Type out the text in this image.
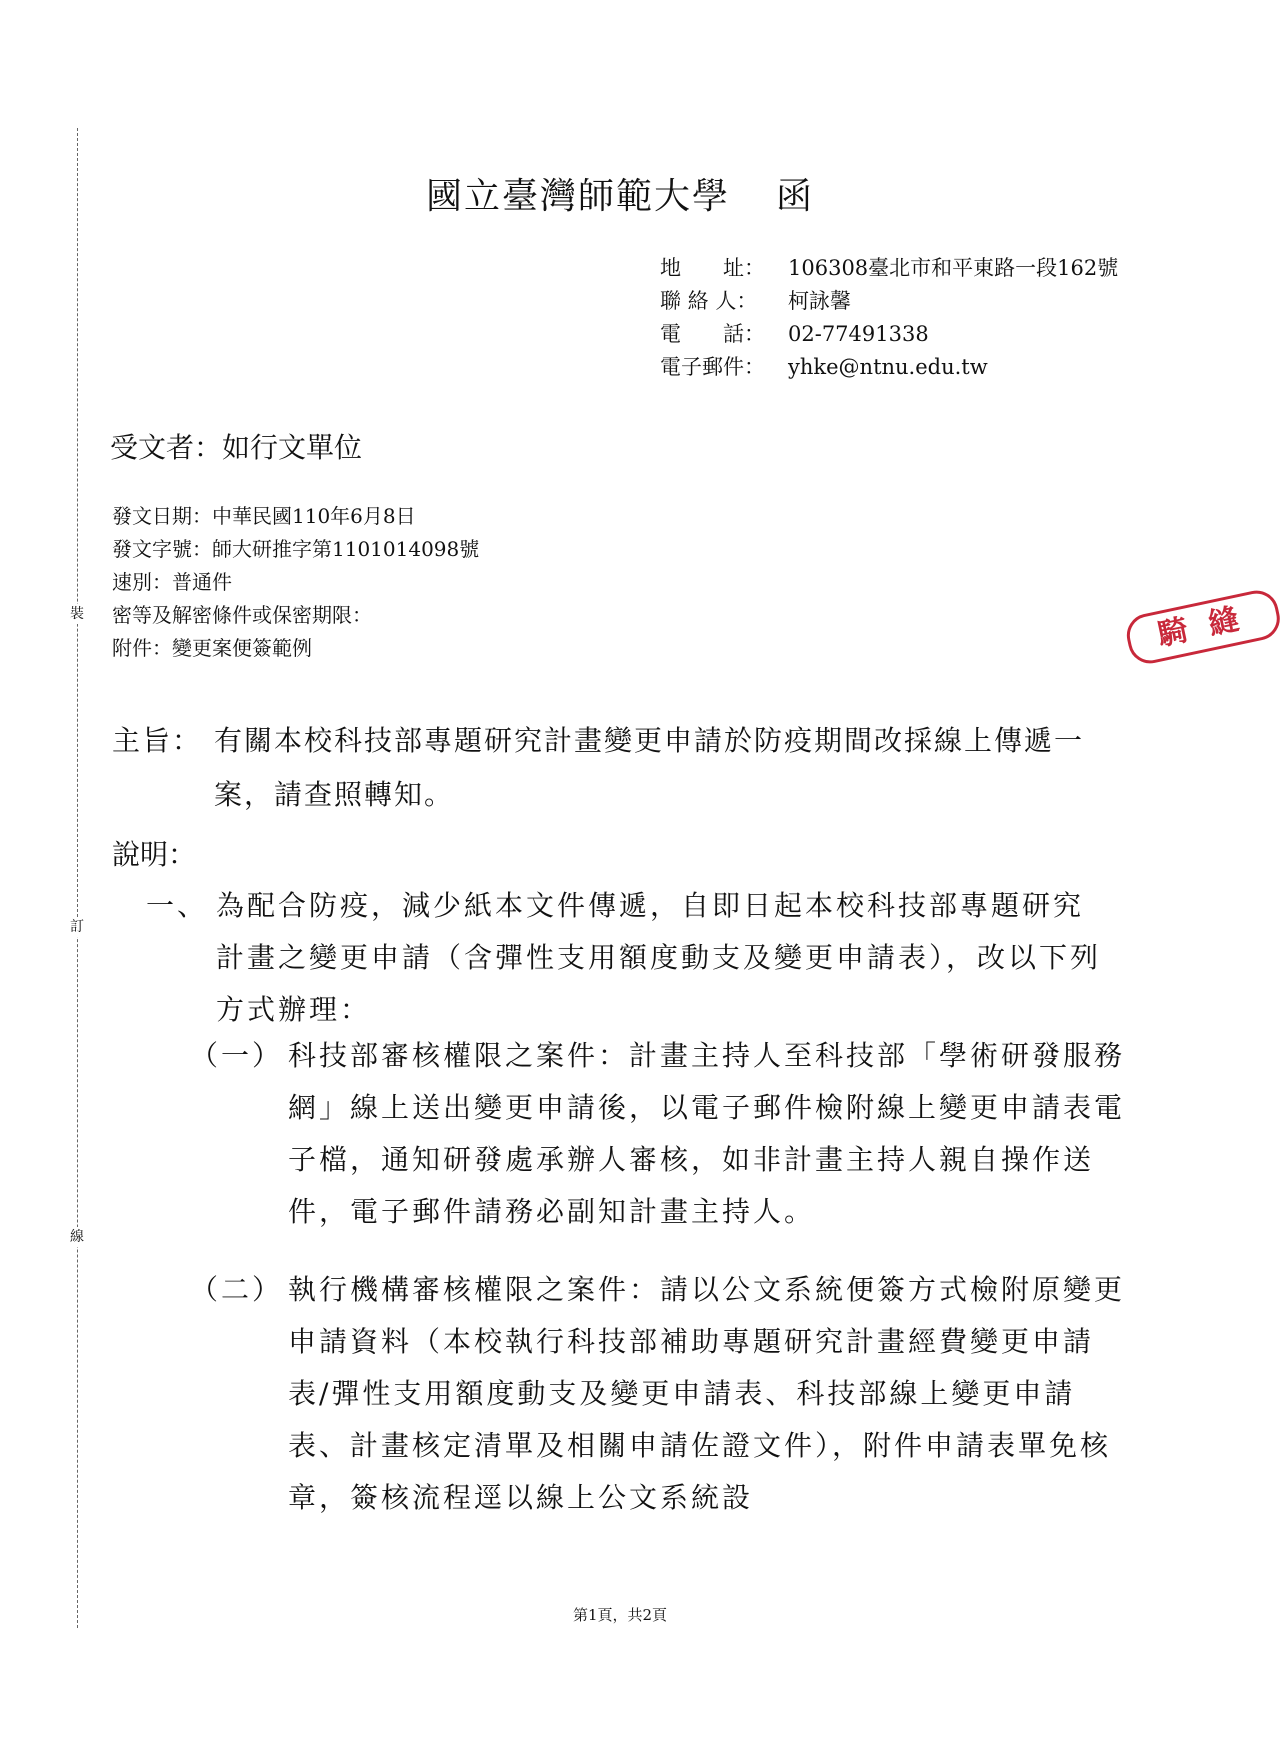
裝
訂
線
國立臺灣師範大學 函
地　　址：	106308臺北市和平東路一段162號
聯 絡 人：	柯詠馨
電　　話：	02-77491338
電子郵件：	yhke@ntnu.edu.tw
受文者：如行文單位
發文日期：中華民國110年6月8日
發文字號：師大研推字第1101014098號
速別：普通件
密等及解密條件或保密期限：
附件：變更案便簽範例	騎縫
主旨： 有關本校科技部專題研究計畫變更申請於防疫期間改採線上傳遞一案，請查照轉知。
說明：
一、 為配合防疫，減少紙本文件傳遞，自即日起本校科技部專題研究計畫之變更申請（含彈性支用額度動支及變更申請表），改以下列方式辦理：
（一） 科技部審核權限之案件：計畫主持人至科技部「學術研發服務網」線上送出變更申請後，以電子郵件檢附線上變更申請表電子檔，通知研發處承辦人審核，如非計畫主持人親自操作送件，電子郵件請務必副知計畫主持人。
（二） 執行機構審核權限之案件：請以公文系統便簽方式檢附原變更申請資料（本校執行科技部補助專題研究計畫經費變更申請表/彈性支用額度動支及變更申請表、科技部線上變更申請表、計畫核定清單及相關申請佐證文件），附件申請表單免核章，簽核流程逕以線上公文系統設
第1頁，共2頁
